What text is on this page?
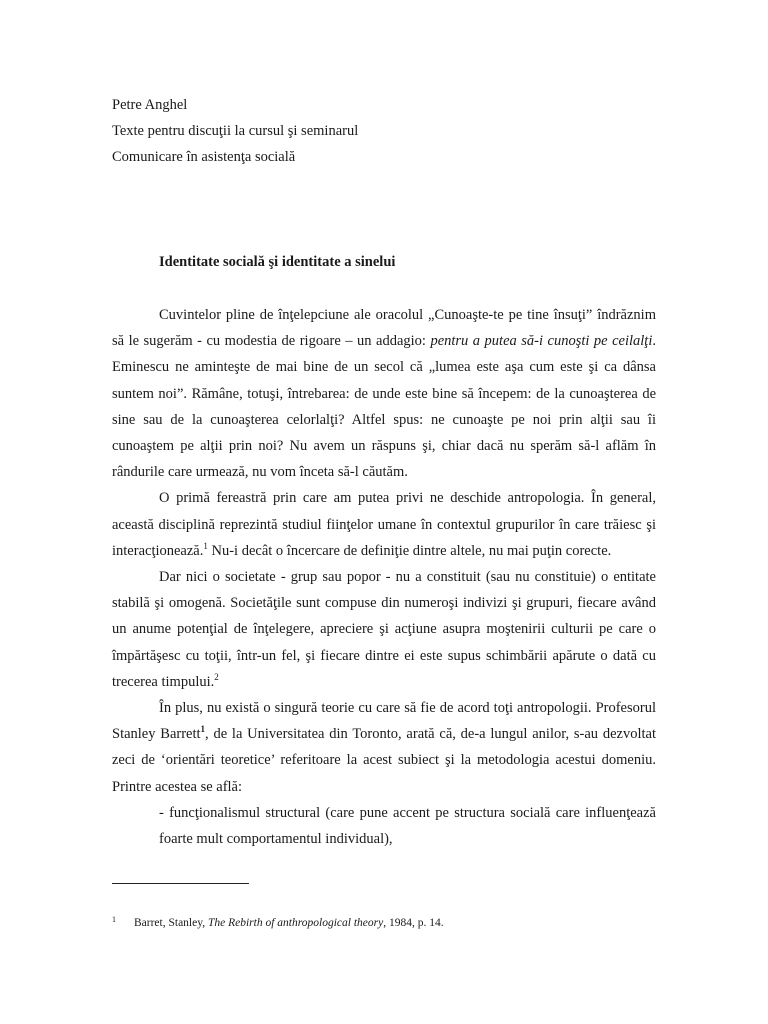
Petre Anghel
Texte pentru discuţii la cursul şi seminarul
Comunicare în asistenţa socială
Identitate socială şi identitate a sinelui

Cuvintelor pline de înţelepciune ale oracolul „Cunoaşte-te pe tine însuţi” îndrăznim să le sugerăm - cu modestia de rigoare – un addagio: pentru a putea să-i cunoşti pe ceilalţi. Eminescu ne aminteşte de mai bine de un secol că „lumea este aşa cum este şi ca dânsa suntem noi”. Rămâne, totuşi, întrebarea: de unde este bine să începem: de la cunoaşterea de sine sau de la cunoaşterea celorlalţi? Altfel spus: ne cunoaşte pe noi prin alţii sau îi cunoaştem pe alţii prin noi? Nu avem un răspuns şi, chiar dacă nu sperăm să-l aflăm în rândurile care urmează, nu vom înceta să-l căutăm.

O primă fereastră prin care am putea privi ne deschide antropologia. În general, această disciplină reprezintă studiul fiinţelor umane în contextul grupurilor în care trăiesc şi interacţionează.$^1$ Nu-i decât o încercare de definiţie dintre altele, nu mai puţin corecte.

Dar nici o societate - grup sau popor - nu a constituit (sau nu constituie) o entitate stabilă şi omogenă. Societăţile sunt compuse din numeroşi indivizi şi grupuri, fiecare având un anume potenţial de înţelegere, apreciere şi acţiune asupra moştenirii culturii pe care o împărtăşesc cu toţii, într-un fel, şi fiecare dintre ei este supus schimbării apărute o dată cu trecerea timpului.$^2$

În plus, nu există o singură teorie cu care să fie de acord toţi antropologii. Profesorul Stanley Barrett$^1$, de la Universitatea din Toronto, arată că, de-a lungul anilor, s-au dezvoltat zeci de ‘orientări teoretice’ referitoare la acest subiect şi la metodologia acestui domeniu. Printre acestea se află:

- funcţionalismul structural (care pune accent pe structura socială care influenţează foarte mult comportamentul individual),

1 Barret, Stanley, The Rebirth of anthropological theory, 1984, p. 14.
